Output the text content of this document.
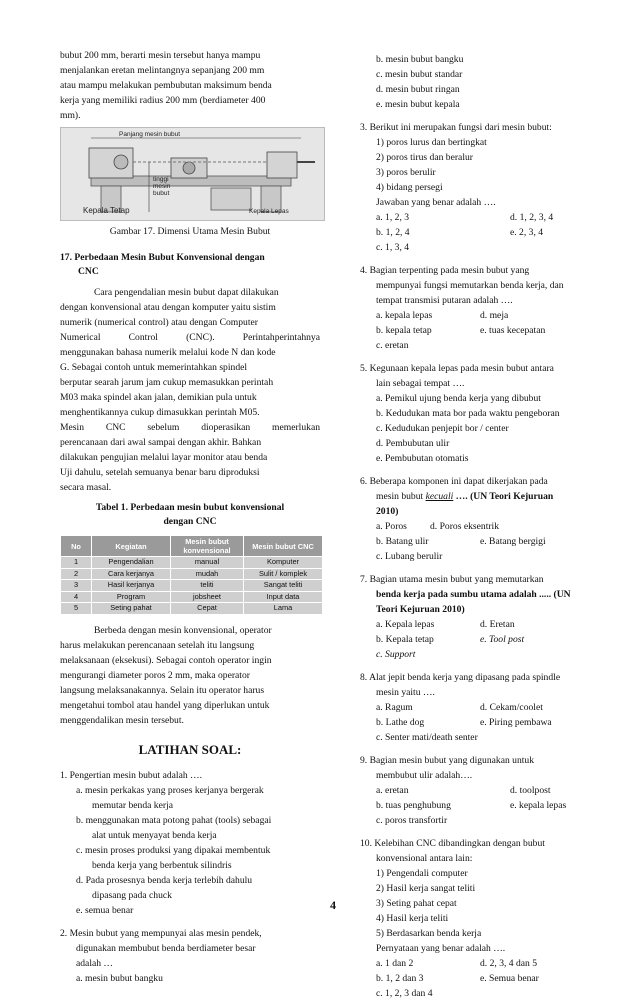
bubut 200 mm, berarti mesin tersebut hanya mampu
menjalankan eretan melintangnya sepanjang 200 mm
atau mampu melakukan pembubutan maksimum benda
kerja yang memiliki radius 200 mm (berdiameter 400
mm).
Panjang mesin bubut
tinggi mesin bubut
Kepala Tetap	Kepala Lepas
Gambar 17. Dimensi Utama Mesin Bubut
17. Perbedaan Mesin Bubut Konvensional dengan
CNC
Cara pengendalian mesin bubut dapat dilakukan
dengan konvensional atau dengan komputer yaitu sistim
numerik (numerical control) atau dengan Computer
Numerical Control (CNC). Perintahperintahnya
menggunakan bahasa numerik melalui kode N dan kode
G. Sebagai contoh untuk memerintahkan spindel
berputar searah jarum jam cukup memasukkan perintah
M03 maka spindel akan jalan, demikian pula untuk
menghentikannya cukup dimasukkan perintah M05.
Mesin CNC sebelum dioperasikan memerlukan
perencanaan dari awal sampai dengan akhir. Bahkan
dilakukan pengujian melalui layar monitor atau benda
Uji dahulu, setelah semuanya benar baru diproduksi
secara masal.
Tabel 1. Perbedaan mesin bubut konvensional
dengan CNC
No	Kegiatan	Mesin bubut konvensional	Mesin bubut CNC
1	Pengendalian	manual	Komputer
2	Cara kerjanya	mudah	Sulit / komplek
3	Hasil kerjanya	teliti	Sangat teliti
4	Program	jobsheet	Input data
5	Seting pahat	Cepat	Lama
Berbeda dengan mesin konvensional, operator
harus melakukan perencanaan setelah itu langsung
melaksanaan (eksekusi). Sebagai contoh operator ingin
mengurangi diameter poros 2 mm, maka operator
langsung melaksanakannya. Selain itu operator harus
mengetahui tombol atau handel yang diperlukan untuk
menggendalikan mesin tersebut.
LATIHAN SOAL:
1. Pengertian mesin bubut adalah ….
a. mesin perkakas yang proses kerjanya bergerak
memutar benda kerja
b. menggunakan mata potong pahat (tools) sebagai
alat untuk menyayat benda kerja
c. mesin proses produksi yang dipakai membentuk
benda kerja yang berbentuk silindris
d. Pada prosesnya benda kerja terlebih dahulu
dipasang pada chuck
e. semua benar
2. Mesin bubut yang mempunyai alas mesin pendek,
digunakan membubut benda berdiameter besar
adalah …
a. mesin bubut bangku
b. mesin bubut bangku
c. mesin bubut standar
d. mesin bubut ringan
e. mesin bubut kepala
3. Berikut ini merupakan fungsi dari mesin bubut:
1) poros lurus dan bertingkat
2) poros tirus dan beralur
3) poros berulir
4) bidang persegi
Jawaban yang benar adalah ….
a. 1, 2, 3	d. 1, 2, 3, 4
b. 1, 2, 4	e. 2, 3, 4
c. 1, 3, 4
4. Bagian terpenting pada mesin bubut yang
mempunyai fungsi memutarkan benda kerja, dan
tempat transmisi putaran adalah ….
a. kepala lepas	d. meja
b. kepala tetap	e. tuas kecepatan
c. eretan
5. Kegunaan kepala lepas pada mesin bubut antara
lain sebagai tempat ….
a. Pemikul ujung benda kerja yang dibubut
b. Kedudukan mata bor pada waktu pengeboran
c. Kedudukan penjepit bor / center
d. Pembubutan ulir
e. Pembubutan otomatis
6. Beberapa komponen ini dapat dikerjakan pada
mesin bubut kecuali …. (UN Teori Kejuruan
2010)
a. Poros d. Poros eksentrik
b. Batang ulir	e. Batang bergigi
c. Lubang berulir
7. Bagian utama mesin bubut yang memutarkan
benda kerja pada sumbu utama adalah ..... (UN
Teori Kejuruan 2010)
a. Kepala lepas	d. Eretan
b. Kepala tetap	e. Tool post
c. Support
8. Alat jepit benda kerja yang dipasang pada spindle
mesin yaitu ….
a. Ragum	d. Cekam/coolet
b. Lathe dog	e. Piring pembawa
c. Senter mati/death senter
9. Bagian mesin bubut yang digunakan untuk
membubut ulir adalah….
a. eretan	d. toolpost
b. tuas penghubung	e. kepala lepas
c. poros transfortir
10. Kelebihan CNC dibandingkan dengan bubut
konvensional antara lain:
1) Pengendali computer
2) Hasil kerja sangat teliti
3) Seting pahat cepat
4) Hasil kerja teliti
5) Berdasarkan benda kerja
Pernyataan yang benar adalah ….
a. 1 dan 2	d. 2, 3, 4 dan 5
b. 1, 2 dan 3	e. Semua benar
c. 1, 2, 3 dan 4
4
